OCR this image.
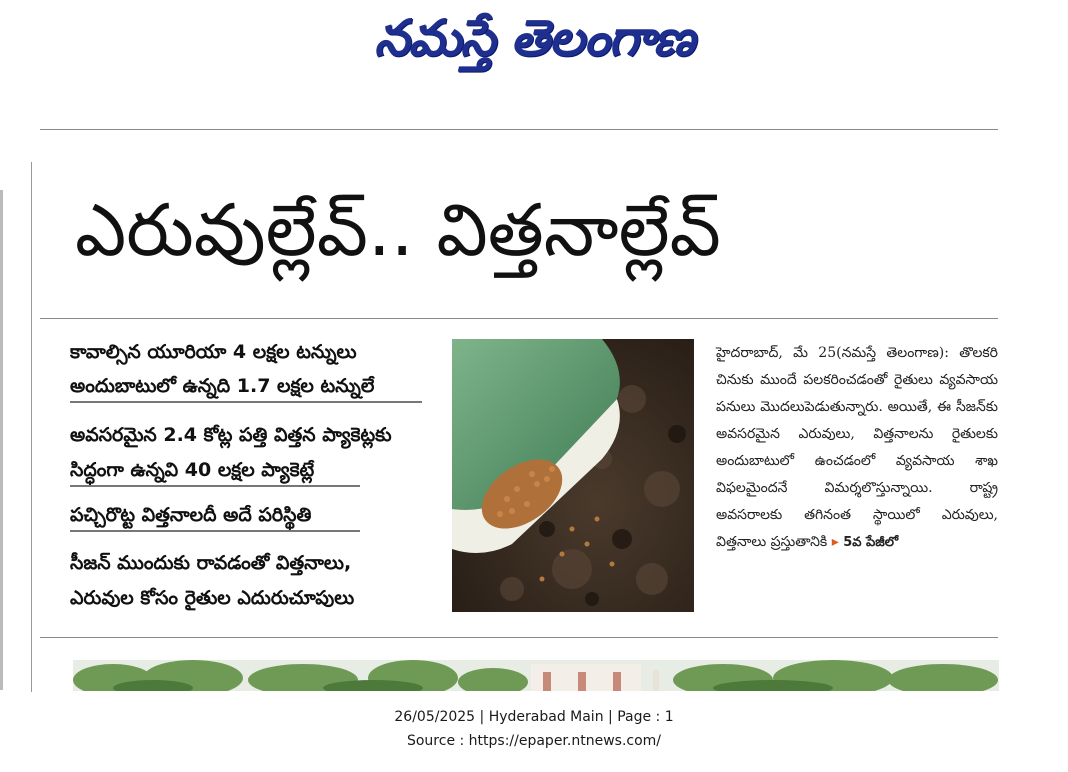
నమస్తే తెలంగాణ
ఎరువుల్లేవ్.. విత్తనాల్లేవ్
కావాల్సిన యూరియా 4 లక్షల టన్నులు
అందుబాటులో ఉన్నది 1.7 లక్షల టన్నులే
అవసరమైన 2.4 కోట్ల పత్తి విత్తన ప్యాకెట్లకు
సిద్ధంగా ఉన్నవి 40 లక్షల ప్యాకెట్లే
పచ్చిరొట్ట విత్తనాలదీ అదే పరిస్థితి
సీజన్ ముందుకు రావడంతో విత్తనాలు,
ఎరువుల కోసం రైతుల ఎదురుచూపులు
హైదరాబాద్, మే 25(నమస్తే తెలంగాణ): తొలకరి చినుకు ముందే పలకరించడంతో రైతులు వ్యవసాయ పనులు మొదలుపెడుతున్నారు. అయితే, ఈ సీజన్‌కు అవసరమైన ఎరువులు, విత్తనాలను రైతులకు అందుబాటులో ఉంచడంలో వ్యవసాయ శాఖ విఫలమైందనే విమర్శలొస్తున్నాయి. రాష్ట్ర అవసరాలకు తగినంత స్థాయిలో ఎరువులు, విత్తనాలు ప్రస్తుతానికి ▸ 5వ పేజీలో
26/05/2025 | Hyderabad Main | Page : 1
Source : https://epaper.ntnews.com/
